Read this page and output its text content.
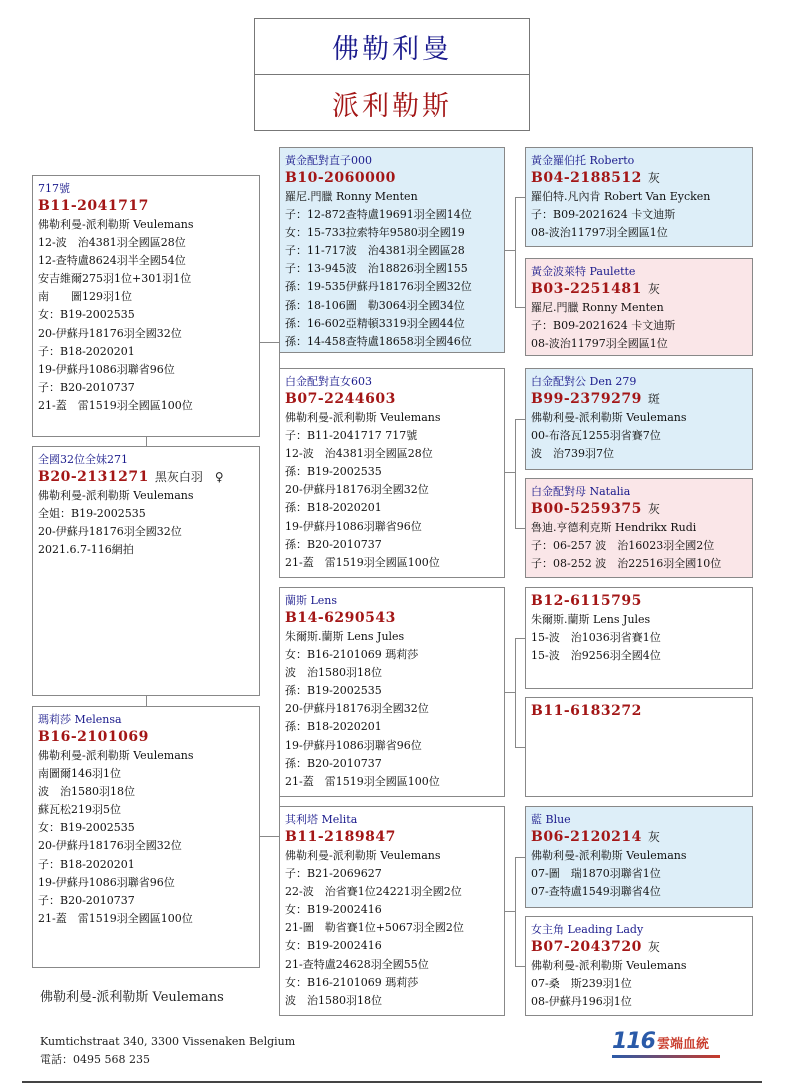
佛勒利曼
派利勒斯
717號
B11-2041717
佛勒利曼-派利勒斯 Veulemans
12-波　治4381羽全國區28位
12-查特盧8624羽半全國54位
安吉維爾275羽1位+301羽1位
南　　圖129羽1位
女：B19-2002535
20-伊蘇丹18176羽全國32位
子：B18-2020201
19-伊蘇丹1086羽聯省96位
子：B20-2010737
21-蓋　雷1519羽全國區100位
全國32位全妹271
B20-2131271 黑灰白羽　♀
佛勒利曼-派利勒斯 Veulemans
全姐：B19-2002535
20-伊蘇丹18176羽全國32位
2021.6.7-116網拍
瑪莉莎 Melensa
B16-2101069
佛勒利曼-派利勒斯 Veulemans
南圖爾146羽1位
波　治1580羽18位
蘇瓦松219羽5位
女：B19-2002535
20-伊蘇丹18176羽全國32位
子：B18-2020201
19-伊蘇丹1086羽聯省96位
子：B20-2010737
21-蓋　雷1519羽全國區100位
黃金配對直子000
B10-2060000
羅尼.門臘 Ronny Menten
子：12-872查特盧19691羽全國14位
女：15-733拉索特年9580羽全國19
子：11-717波　治4381羽全國區28
子：13-945波　治18826羽全國155
孫：19-535伊蘇丹18176羽全國32位
孫：18-106圖　勒3064羽全國34位
孫：16-602亞精頓3319羽全國44位
孫：14-458查特盧18658羽全國46位
白金配對直女603
B07-2244603
佛勒利曼-派利勒斯 Veulemans
子：B11-2041717 717號
12-波　治4381羽全國區28位
孫：B19-2002535
20-伊蘇丹18176羽全國32位
孫：B18-2020201
19-伊蘇丹1086羽聯省96位
孫：B20-2010737
21-蓋　雷1519羽全國區100位
蘭斯 Lens
B14-6290543
朱爾斯.蘭斯 Lens Jules
女：B16-2101069 瑪莉莎
波　治1580羽18位
孫：B19-2002535
20-伊蘇丹18176羽全國32位
孫：B18-2020201
19-伊蘇丹1086羽聯省96位
孫：B20-2010737
21-蓋　雷1519羽全國區100位
其利塔 Melita
B11-2189847
佛勒利曼-派利勒斯 Veulemans
子：B21-2069627
22-波　治省賽1位24221羽全國2位
女：B19-2002416
21-圖　勒省賽1位+5067羽全國2位
女：B19-2002416
21-查特盧24628羽全國55位
女：B16-2101069 瑪莉莎
波　治1580羽18位
黃金羅伯托 Roberto
B04-2188512 灰
羅伯特.凡內肯 Robert Van Eycken
子：B09-2021624 卡文迪斯
08-波治11797羽全國區1位
黃金波萊特 Paulette
B03-2251481 灰
羅尼.門臘 Ronny Menten
子：B09-2021624 卡文迪斯
08-波治11797羽全國區1位
白金配對公 Den 279
B99-2379279 斑
佛勒利曼-派利勒斯 Veulemans
00-布洛瓦1255羽省賽7位
波　治739羽7位
白金配對母 Natalia
B00-5259375 灰
魯迪.亨德利克斯 Hendrikx Rudi
子：06-257 波　治16023羽全國2位
子：08-252 波　治22516羽全國10位
B12-6115795
朱爾斯.蘭斯 Lens Jules
15-波　治1036羽省賽1位
15-波　治9256羽全國4位
B11-6183272
藍 Blue
B06-2120214 灰
佛勒利曼-派利勒斯 Veulemans
07-圖　瑞1870羽聯省1位
07-查特盧1549羽聯省4位
女主角 Leading Lady
B07-2043720 灰
佛勒利曼-派利勒斯 Veulemans
07-桑　斯239羽1位
08-伊蘇丹196羽1位
佛勒利曼-派利勒斯 Veulemans
Kumtichstraat 340, 3300 Vissenaken Belgium
電話：0495 568 235
116 雲端血統
